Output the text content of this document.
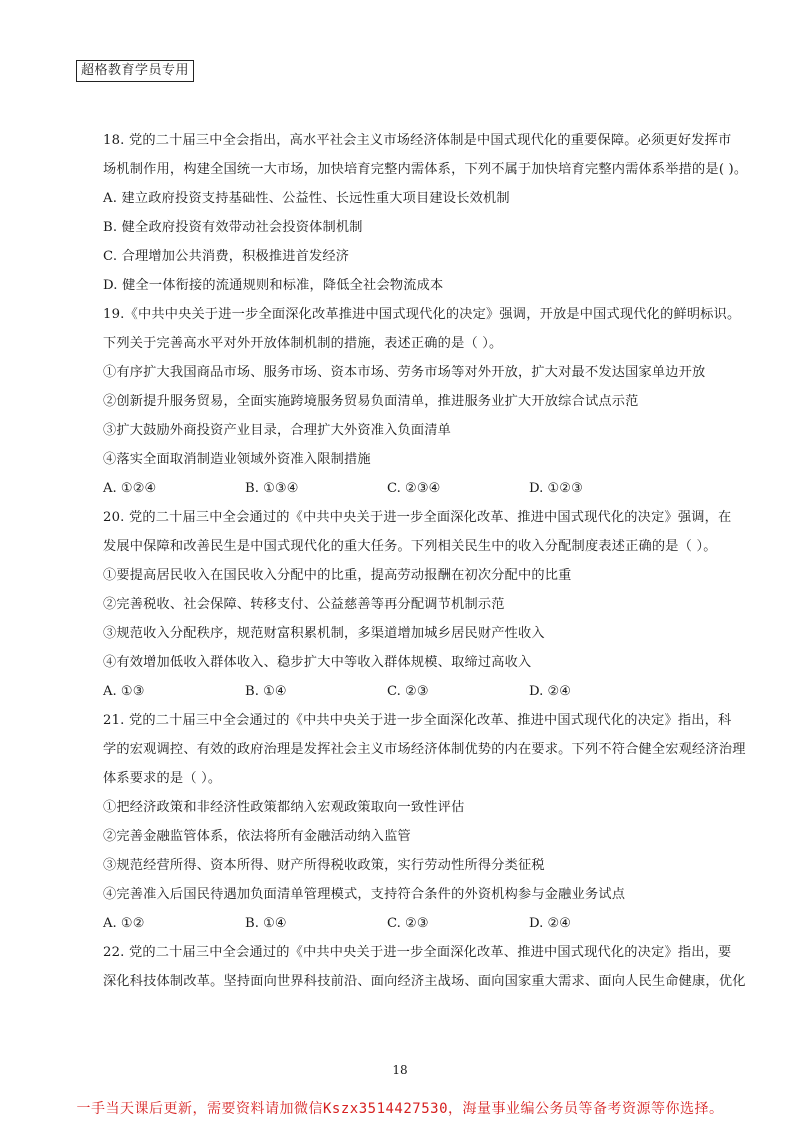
超格教育学员专用

18. 党的二十届三中全会指出，高水平社会主义市场经济体制是中国式现代化的重要保障。必须更好发挥市

场机制作用，构建全国统一大市场，加快培育完整内需体系，下列不属于加快培育完整内需体系举措的是( )。

A. 建立政府投资支持基础性、公益性、长远性重大项目建设长效机制

B. 健全政府投资有效带动社会投资体制机制

C. 合理增加公共消费，积极推进首发经济

D. 健全一体衔接的流通规则和标准，降低全社会物流成本

19.《中共中央关于进一步全面深化改革推进中国式现代化的决定》强调，开放是中国式现代化的鲜明标识。

下列关于完善高水平对外开放体制机制的措施，表述正确的是（ ）。

①有序扩大我国商品市场、服务市场、资本市场、劳务市场等对外开放，扩大对最不发达国家单边开放

②创新提升服务贸易，全面实施跨境服务贸易负面清单，推进服务业扩大开放综合试点示范

③扩大鼓励外商投资产业目录，合理扩大外资准入负面清单

④落实全面取消制造业领域外资准入限制措施

A. ①②④	B. ①③④	C. ②③④	D. ①②③

20. 党的二十届三中全会通过的《中共中央关于进一步全面深化改革、推进中国式现代化的决定》强调，在

发展中保障和改善民生是中国式现代化的重大任务。下列相关民生中的收入分配制度表述正确的是（ ）。

①要提高居民收入在国民收入分配中的比重，提高劳动报酬在初次分配中的比重

②完善税收、社会保障、转移支付、公益慈善等再分配调节机制示范

③规范收入分配秩序，规范财富积累机制，多渠道增加城乡居民财产性收入

④有效增加低收入群体收入、稳步扩大中等收入群体规模、取缔过高收入

A. ①③	B. ①④	C. ②③	D. ②④

21. 党的二十届三中全会通过的《中共中央关于进一步全面深化改革、推进中国式现代化的决定》指出，科

学的宏观调控、有效的政府治理是发挥社会主义市场经济体制优势的内在要求。下列不符合健全宏观经济治理

体系要求的是（ ）。

①把经济政策和非经济性政策都纳入宏观政策取向一致性评估

②完善金融监管体系，依法将所有金融活动纳入监管

③规范经营所得、资本所得、财产所得税收政策，实行劳动性所得分类征税

④完善准入后国民待遇加负面清单管理模式，支持符合条件的外资机构参与金融业务试点

A. ①②	B. ①④	C. ②③	D. ②④

22. 党的二十届三中全会通过的《中共中央关于进一步全面深化改革、推进中国式现代化的决定》指出，要

深化科技体制改革。坚持面向世界科技前沿、面向经济主战场、面向国家重大需求、面向人民生命健康，优化

18
一手当天课后更新，需要资料请加微信Kszx3514427530，海量事业编公务员等备考资源等你选择。
